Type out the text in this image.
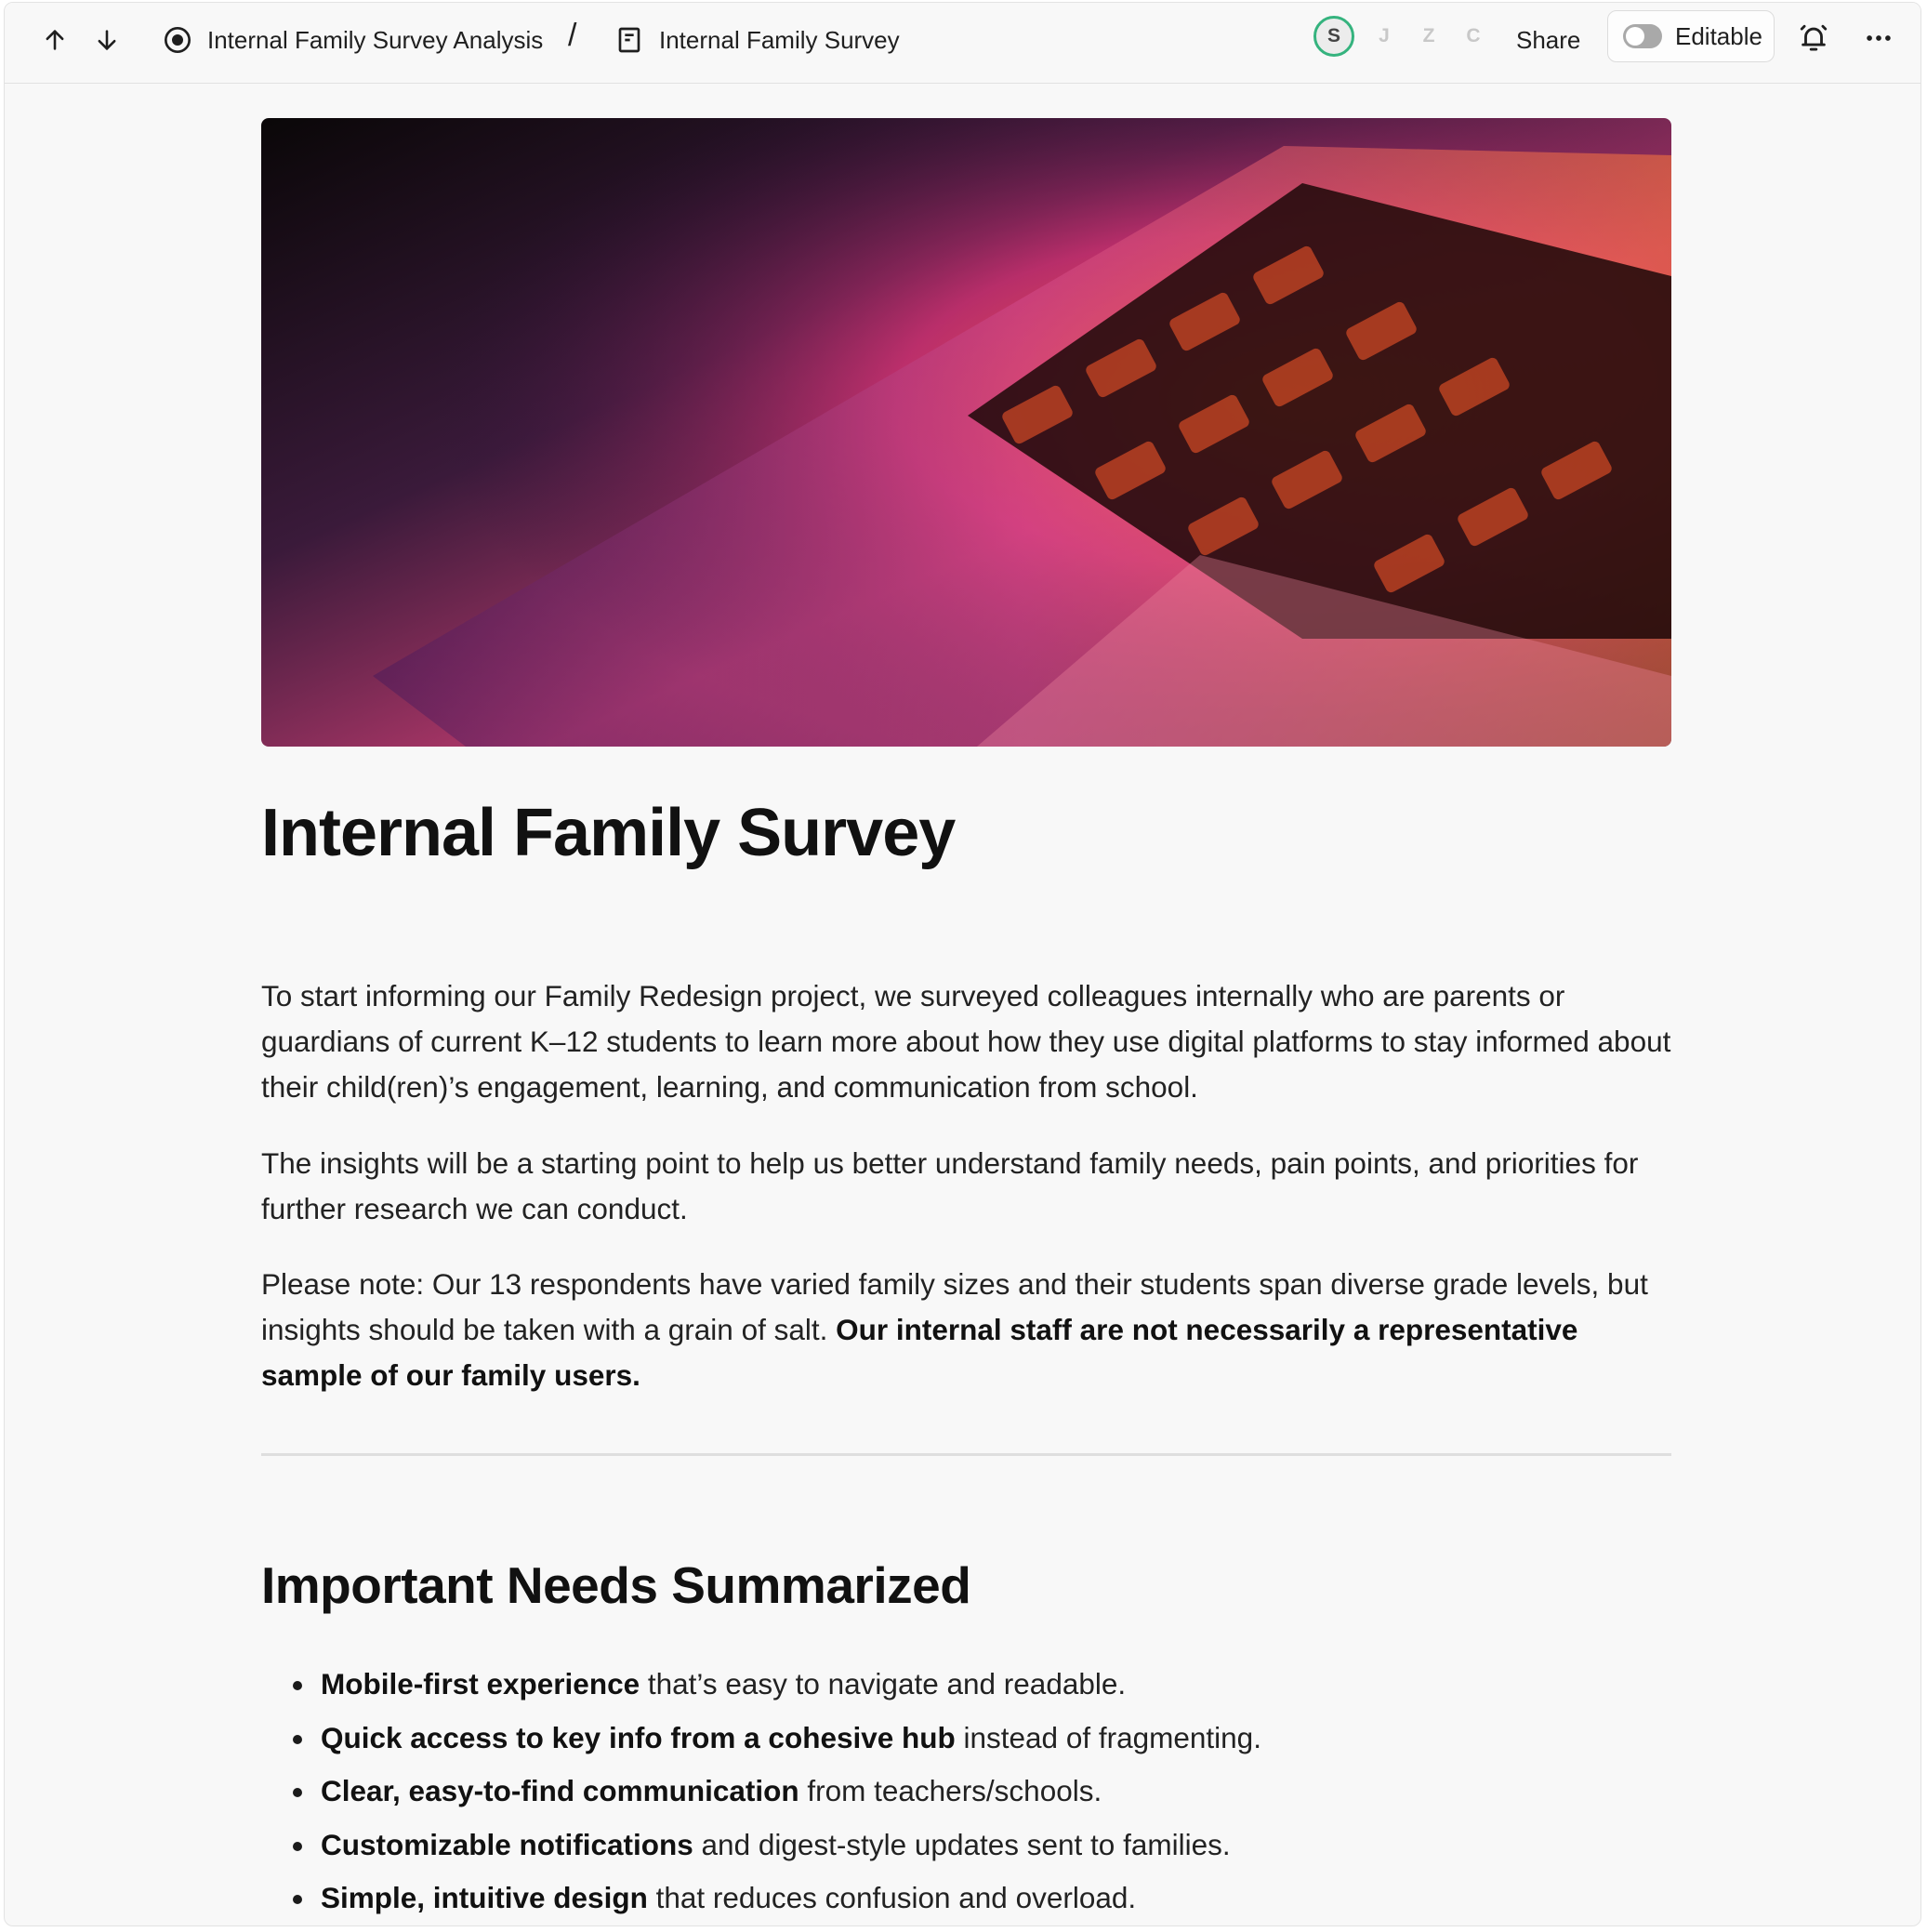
Internal Family Survey Analysis /	Internal Family Survey	S	J	Z	C	Share	Editable
Internal Family Survey

To start informing our Family Redesign project, we surveyed colleagues internally who are parents or guardians of current K–12 students to learn more about how they use digital platforms to stay informed about their child(ren)’s engagement, learning, and communication from school.

The insights will be a starting point to help us better understand family needs, pain points, and priorities for further research we can conduct.

Please note: Our 13 respondents have varied family sizes and their students span diverse grade levels, but insights should be taken with a grain of salt. Our internal staff are not necessarily a representative sample of our family users.

Important Needs Summarized
Mobile-first experience that’s easy to navigate and readable.
Quick access to key info from a cohesive hub instead of fragmenting.
Clear, easy-to-find communication from teachers/schools.
Customizable notifications and digest-style updates sent to families.
Simple, intuitive design that reduces confusion and overload.
